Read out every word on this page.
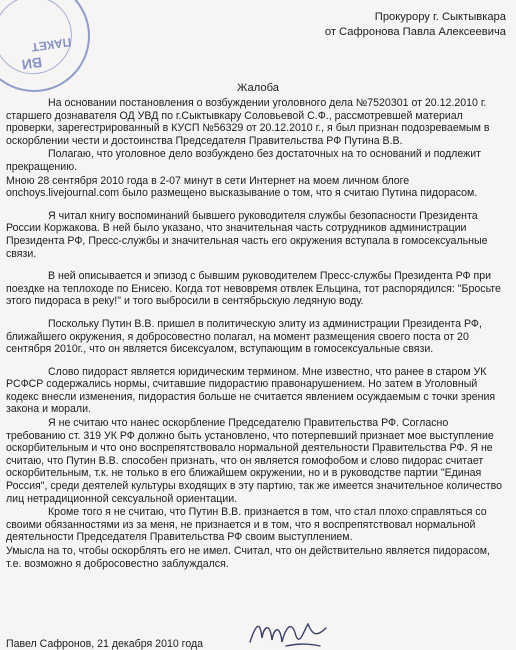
ПАКЕТ
ВИ
Прокурору г. Сыктывкара
от Сафронова Павла Алексеевича
Жалоба

На основании постановления о возбуждении уголовного дела №7520301 от 20.12.2010 г. старшего дознавателя ОД УВД по г.Сыктывкару Соловьевой С.Ф., рассмотревшей материал проверки, зарегестрированный в КУСП №56329 от 20.12.2010 г., я был признан подозреваемым в оскорблении чести и достоинства Председателя Правительства РФ Путина В.В.

Полагаю, что уголовное дело возбуждено без достаточных на то оснований и подлежит прекращению.

Мною 28 сентября 2010 года в 2-07 минут в сети Интернет на моем личном блоге onchoys.livejournal.com было размещено высказывание о том, что я считаю Путина пидорасом.

Я читал книгу воспоминаний бывшего руководителя службы безопасности Президента России Коржакова. В ней было указано, что значительная часть сотрудников администрации Президента РФ, Пресс-службы и значительная часть его окружения вступала в гомосексуальные связи.

В ней описывается и эпизод с бывшим руководителем Пресс-службы Президента РФ при поездке на теплоходе по Енисею. Когда тот невовремя отвлек Ельцина, тот распорядился: "Бросьте этого пидораса в реку!" и того выбросили в сентябрьскую ледяную воду.

Поскольку Путин В.В. пришел в политическую элиту из администрации Президента РФ, ближайшего окружения, я добросовестно полагал, на момент размещения своего поста от 20 сентября 2010г., что он является бисексуалом, вступающим в гомосексуальные связи.

Слово пидораст является юридическим термином. Мне известно, что ранее в старом УК РСФСР содержались нормы, считавшие пидорастию правонарушением. Но затем в Уголовный кодекс внесли изменения, пидорастия больше не считается явлением осуждаемым с точки зрения закона и морали.

Я не считаю что нанес оскорбление Председателю Правительства РФ. Согласно требованию ст. 319 УК РФ должно быть установлено, что потерпевший признает мое выступление оскорбительным и что оно воспрепятствовало нормальной деятельности Правительства РФ. Я не считаю, что Путин В.В. способен признать, что он является гомофобом и слово пидорас считает оскорбительным, т.к. не только в его ближайшем окружении, но и в руководстве партии "Единая Россия", среди деятелей культуры входящих в эту партию, так же имеется значительное количество лиц нетрадиционной сексуальной ориентации.

Кроме того я не считаю, что Путин В.В. признается в том, что стал плохо справляться со своими обязанностями из за меня, не признается и в том, что я воспрепятствовал нормальной деятельности Председателя Правительства РФ своим выступлением.

Умысла на то, чтобы оскорблять его не имел. Считал, что он действительно является пидорасом, т.е. возможно я добросовестно заблуждался.

Павел Сафронов, 21 декабря 2010 года
